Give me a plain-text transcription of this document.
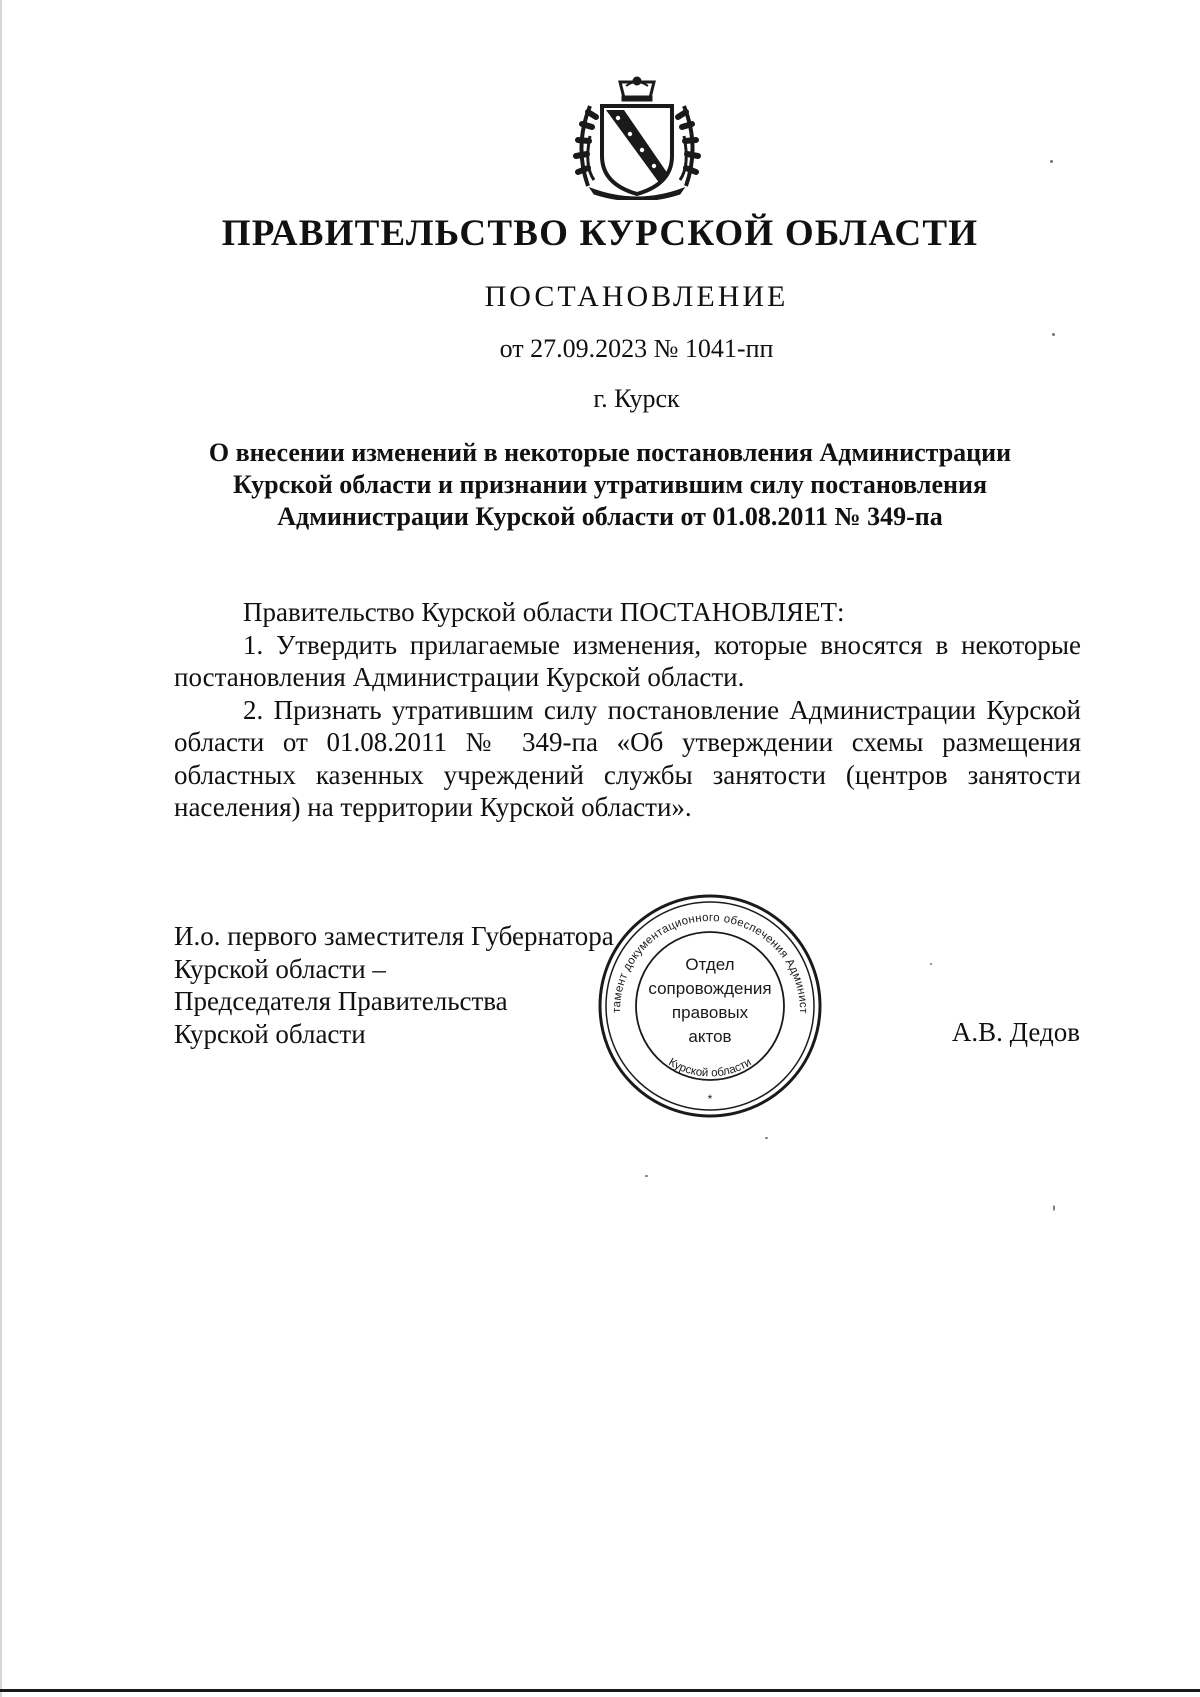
ПРАВИТЕЛЬСТВО КУРСКОЙ ОБЛАСТИ
ПОСТАНОВЛЕНИЕ
от 27.09.2023 № 1041-пп
г. Курск
О внесении изменений в некоторые постановления Администрации
Курской области и признании утратившим силу постановления
Администрации Курской области от 01.08.2011 № 349-па

Правительство Курской области ПОСТАНОВЛЯЕТ:

1. Утвердить прилагаемые изменения, которые вносятся в некоторые постановления Администрации Курской области.

2. Признать утратившим силу постановление Администрации Курской области от 01.08.2011 № 349-па «Об утверждении схемы размещения областных казенных учреждений службы занятости (центров занятости населения) на территории Курской области».

И.о. первого заместителя Губернатора
Курской области –
Председателя Правительства
Курской области
тамент документационного обеспечения Админист
Курской области
*
Отдел
сопровождения
правовых
актов	А.В. Дедов
